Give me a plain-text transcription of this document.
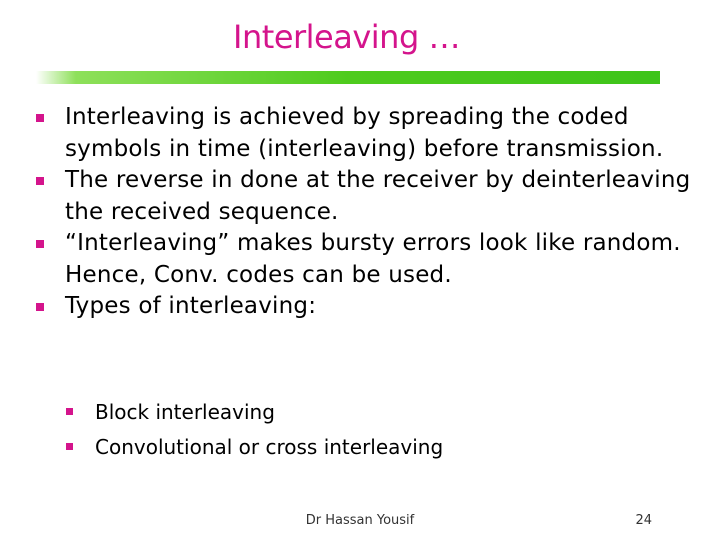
Interleaving …
Interleaving is achieved by spreading the coded symbols in time (interleaving) before transmission.
The reverse in done at the receiver by deinterleaving the received sequence.
“Interleaving” makes bursty errors look like random. Hence, Conv. codes can be used.
Types of interleaving:
Block interleaving
Convolutional or cross interleaving
Dr Hassan Yousif	24
